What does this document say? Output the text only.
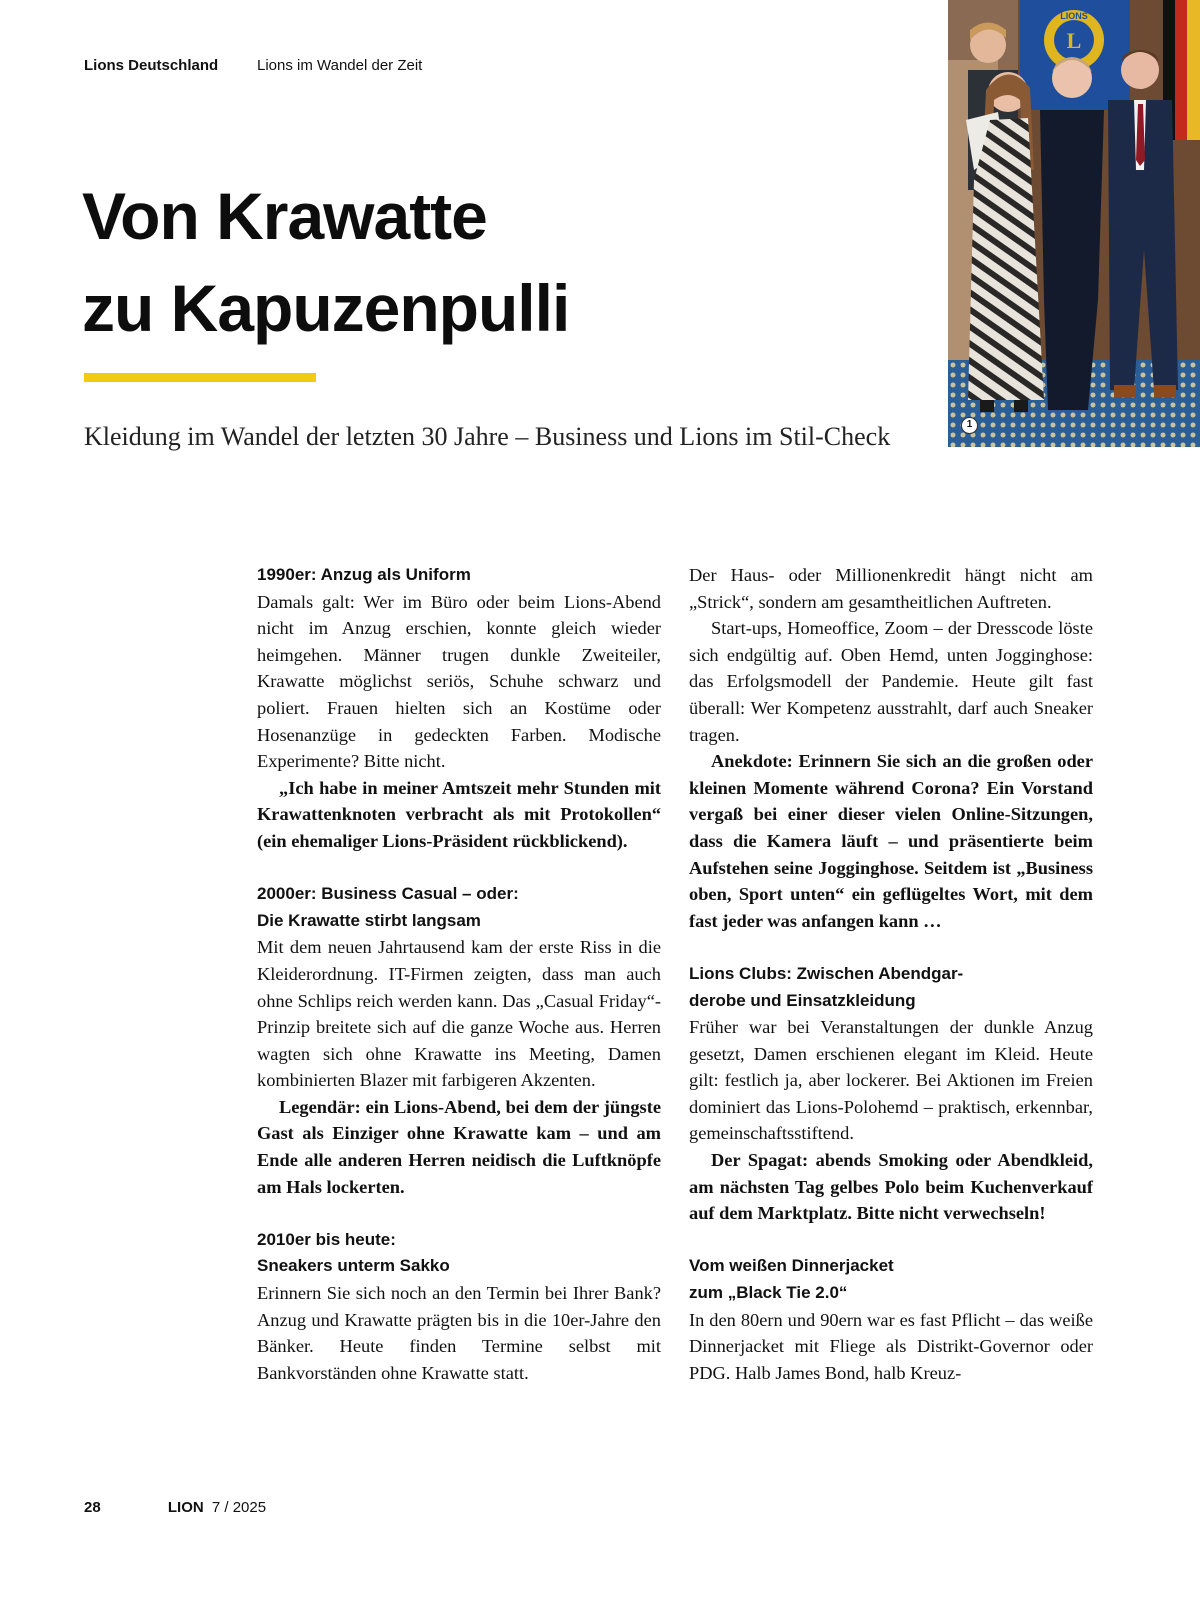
Lions Deutschland	Lions im Wandel der Zeit
Von Krawatte
zu Kapuzenpulli
Kleidung im Wandel der letzten 30 Jahre – Business und Lions im Stil-Check
L
LIONS
1
1990er: Anzug als Uniform

Damals galt: Wer im Büro oder beim Lions-Abend nicht im Anzug erschien, konnte gleich wieder heimgehen. Männer trugen dunkle Zweiteiler, Krawatte möglichst seriös, Schuhe schwarz und poliert. Frauen hielten sich an Kostüme oder Hosenanzüge in gedeckten Farben. Modische Experimente? Bitte nicht.

„Ich habe in meiner Amtszeit mehr Stunden mit Krawattenknoten verbracht als mit Protokollen“ (ein ehemaliger Lions-Präsident rückblickend).

2000er: Business Casual – oder:
Die Krawatte stirbt langsam

Mit dem neuen Jahrtausend kam der erste Riss in die Kleiderordnung. IT-Firmen zeigten, dass man auch ohne Schlips reich werden kann. Das „Casual Friday“-Prinzip breitete sich auf die ganze Woche aus. Herren wagten sich ohne Krawatte ins Meeting, Damen kombinierten Blazer mit farbigeren Akzenten.

Legendär: ein Lions-Abend, bei dem der jüngste Gast als Einziger ohne Krawatte kam – und am Ende alle anderen Herren neidisch die Luftknöpfe am Hals lockerten.

2010er bis heute:
Sneakers unterm Sakko

Erinnern Sie sich noch an den Termin bei Ihrer Bank? Anzug und Krawatte prägten bis in die 10er-Jahre den Bänker. Heute finden Termine selbst mit Bankvorständen ohne Krawatte statt.

Der Haus- oder Millionenkredit hängt nicht am „Strick“, sondern am gesamtheitlichen Auftreten.

Start-ups, Homeoffice, Zoom – der Dresscode löste sich endgültig auf. Oben Hemd, unten Jogginghose: das Erfolgsmodell der Pandemie. Heute gilt fast überall: Wer Kompetenz ausstrahlt, darf auch Sneaker tragen.

Anekdote: Erinnern Sie sich an die großen oder kleinen Momente während Corona? Ein Vorstand vergaß bei einer dieser vielen Online-Sitzungen, dass die Kamera läuft – und präsentierte beim Aufstehen seine Jogginghose. Seitdem ist „Business oben, Sport unten“ ein geflügeltes Wort, mit dem fast jeder was anfangen kann …

Lions Clubs: Zwischen Abendgar-
derobe und Einsatzkleidung

Früher war bei Veranstaltungen der dunkle Anzug gesetzt, Damen erschienen elegant im Kleid. Heute gilt: festlich ja, aber lockerer. Bei Aktionen im Freien dominiert das Lions-Polohemd – praktisch, erkennbar, gemeinschaftsstiftend.

Der Spagat: abends Smoking oder Abendkleid, am nächsten Tag gelbes Polo beim Kuchenverkauf auf dem Marktplatz. Bitte nicht verwechseln!

Vom weißen Dinnerjacket
zum „Black Tie 2.0“

In den 80ern und 90ern war es fast Pflicht – das weiße Dinnerjacket mit Fliege als Distrikt-Governor oder PDG. Halb James Bond, halb Kreuz-

28	LION 7 / 2025
